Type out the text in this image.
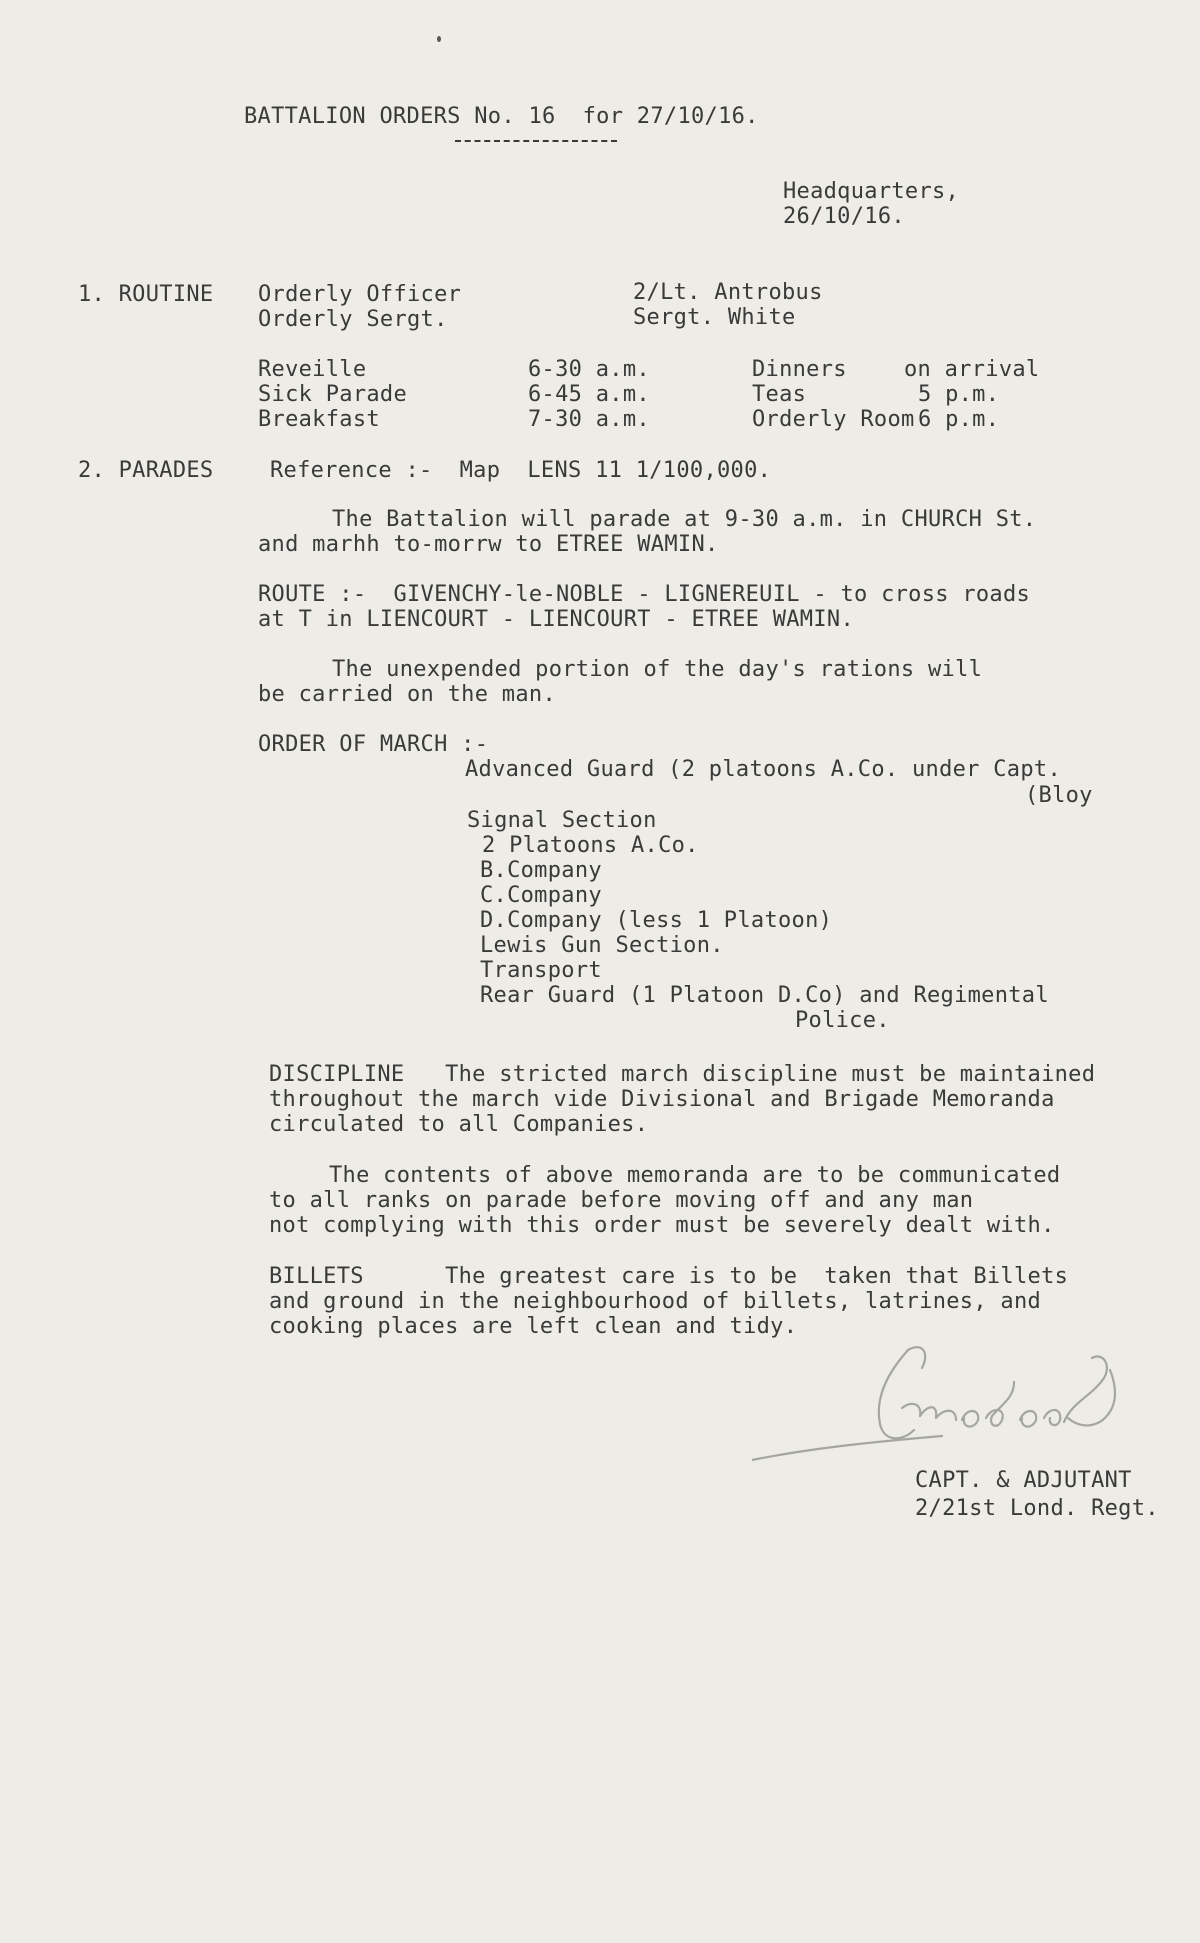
BATTALION ORDERS No. 16  for 27/10/16.
Headquarters,
26/10/16.
1. ROUTINE Orderly Officer	2/Lt. Antrobus
Orderly Sergt.	Sergt. White
Reveille	6-30 a.m.	Dinners	on arrival
Sick Parade	6-45 a.m.	Teas	5 p.m.
Breakfast	7-30 a.m.	Orderly Room 6 p.m.
2. PARADES	Reference :-  Map  LENS 11 1/100,000.
The Battalion will parade at 9-30 a.m. in CHURCH St.
and marhh to-morrw to ETREE WAMIN.
ROUTE :-  GIVENCHY-le-NOBLE - LIGNEREUIL - to cross roads
at T in LIENCOURT - LIENCOURT - ETREE WAMIN.
The unexpended portion of the day's rations will
be carried on the man.
ORDER OF MARCH :-
Advanced Guard (2 platoons A.Co. under Capt.
(Bloy
Signal Section
2 Platoons A.Co.
B.Company
C.Company
D.Company (less 1 Platoon)
Lewis Gun Section.
Transport
Rear Guard (1 Platoon D.Co) and Regimental
Police.
DISCIPLINE   The stricted march discipline must be maintained
throughout the march vide Divisional and Brigade Memoranda
circulated to all Companies.
The contents of above memoranda are to be communicated
to all ranks on parade before moving off and any man
not complying with this order must be severely dealt with.
BILLETS      The greatest care is to be  taken that Billets
and ground in the neighbourhood of billets, latrines, and
cooking places are left clean and tidy.
CAPT. & ADJUTANT
2/21st Lond. Regt.
